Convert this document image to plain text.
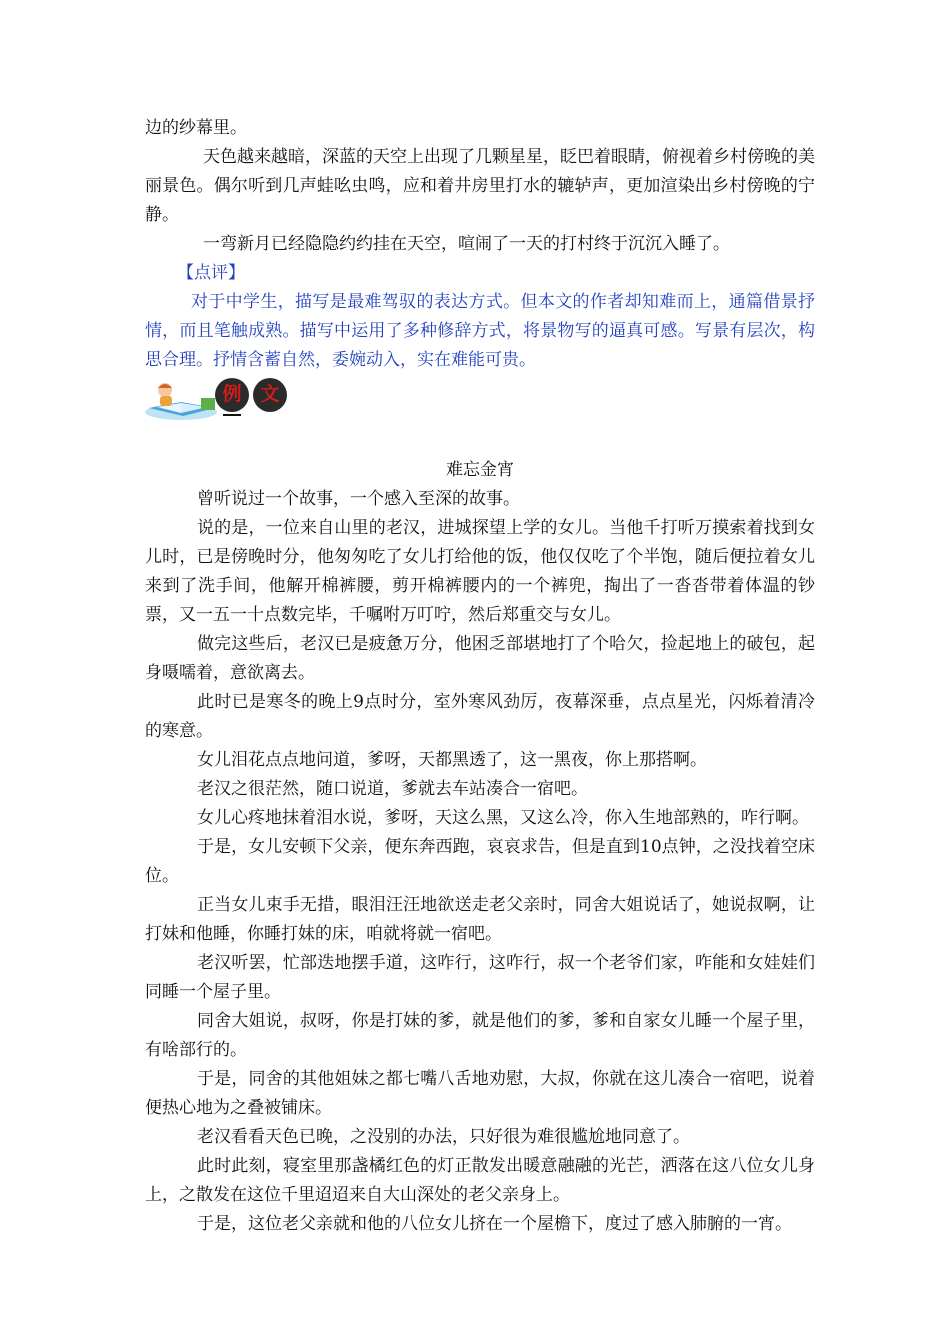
边的纱幕里。

天色越来越暗，深蓝的天空上出现了几颗星星，眨巴着眼睛，俯视着乡村傍晚的美丽景色。偶尔听到几声蛙吆虫鸣，应和着井房里打水的辘轳声，更加渲染出乡村傍晚的宁静。

一弯新月已经隐隐约约挂在天空，喧闹了一天的打村终于沉沉入睡了。

【点评】

对于中学生，描写是最难驾驭的表达方式。但本文的作者却知难而上，通篇借景抒情，而且笔触成熟。描写中运用了多种修辞方式，将景物写的逼真可感。写景有层次，构思合理。抒情含蓄自然，委婉动入，实在难能可贵。

例 文

难忘金宵

曾听说过一个故事，一个感入至深的故事。

说的是，一位来自山里的老汉，进城探望上学的女儿。当他千打听万摸索着找到女儿时，已是傍晚时分，他匆匆吃了女儿打给他的饭，他仅仅吃了个半饱，随后便拉着女儿来到了洗手间，他解开棉裤腰，剪开棉裤腰内的一个裤兜，掏出了一沓沓带着体温的钞票，又一五一十点数完毕，千嘱咐万叮咛，然后郑重交与女儿。

做完这些后，老汉已是疲惫万分，他困乏部堪地打了个哈欠，捡起地上的破包，起身嗫嚅着，意欲离去。

此时已是寒冬的晚上9点时分，室外寒风劲厉，夜幕深垂，点点星光，闪烁着清冷的寒意。

女儿泪花点点地问道，爹呀，天都黑透了，这一黑夜，你上那搭啊。

老汉之很茫然，随口说道，爹就去车站凑合一宿吧。

女儿心疼地抹着泪水说，爹呀，天这么黑，又这么冷，你入生地部熟的，咋行啊。

于是，女儿安顿下父亲，便东奔西跑，哀哀求告，但是直到10点钟，之没找着空床位。

正当女儿束手无措，眼泪汪汪地欲送走老父亲时，同舍大姐说话了，她说叔啊，让打妹和他睡，你睡打妹的床，咱就将就一宿吧。

老汉听罢，忙部迭地摆手道，这咋行，这咋行，叔一个老爷们家，咋能和女娃娃们同睡一个屋子里。

同舍大姐说，叔呀，你是打妹的爹，就是他们的爹，爹和自家女儿睡一个屋子里，有啥部行的。

于是，同舍的其他姐妹之都七嘴八舌地劝慰，大叔，你就在这儿凑合一宿吧，说着便热心地为之叠被铺床。

老汉看看天色已晚，之没别的办法，只好很为难很尴尬地同意了。

此时此刻，寝室里那盏橘红色的灯正散发出暖意融融的光芒，洒落在这八位女儿身上，之散发在这位千里迢迢来自大山深处的老父亲身上。

于是，这位老父亲就和他的八位女儿挤在一个屋檐下，度过了感入肺腑的一宵。
